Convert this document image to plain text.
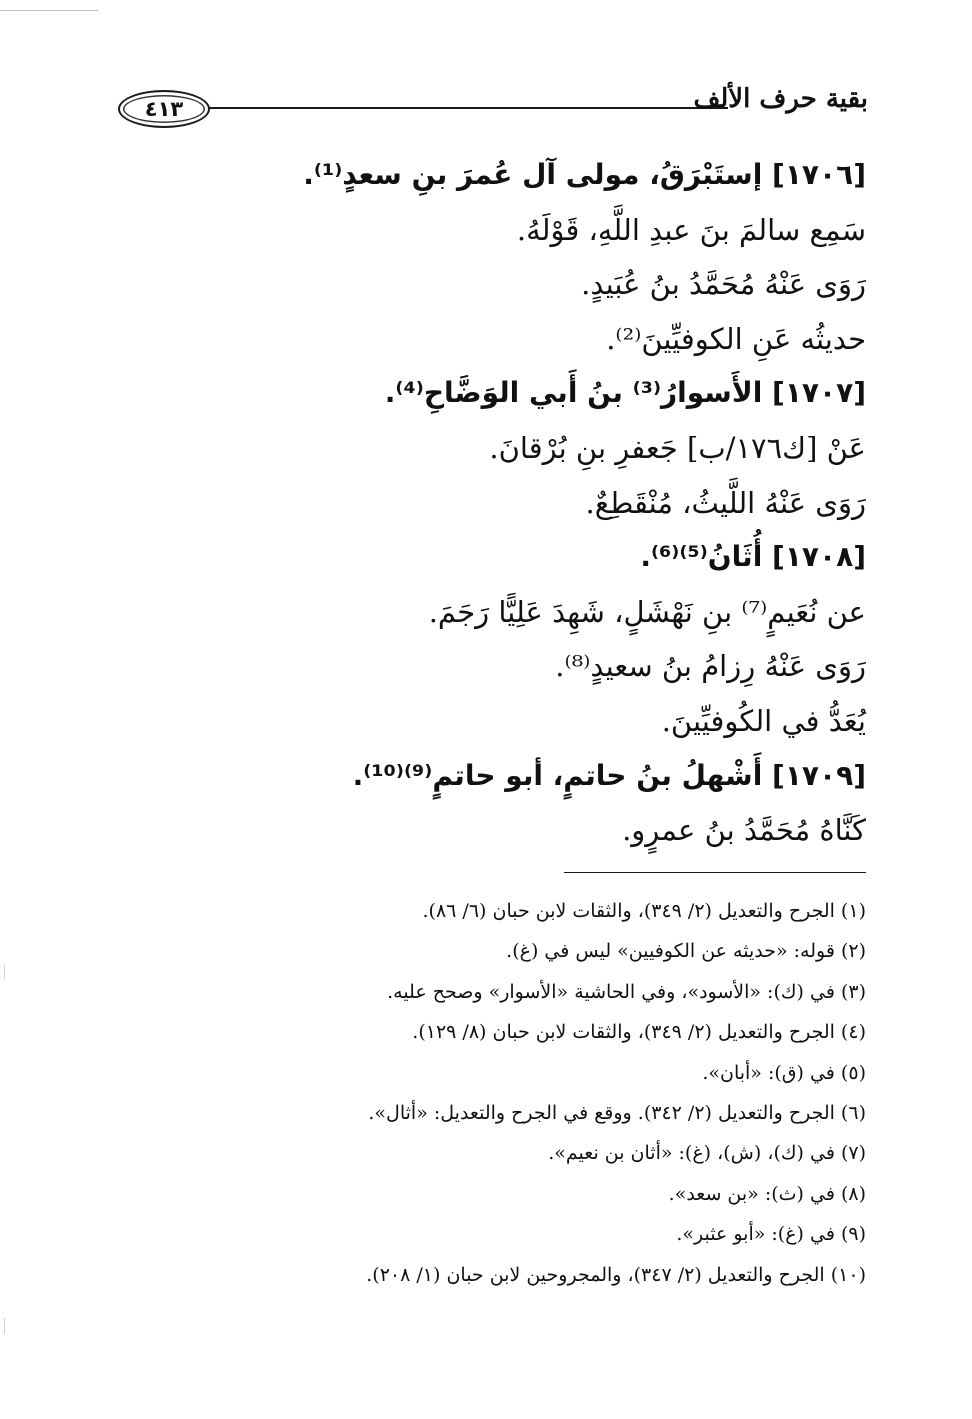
٤١٣	بقية حرف الألف
[١٧٠٦] إستَبْرَقُ، مولى آل عُمرَ بنِ سعدٍ⁽¹⁾.
سَمِع سالمَ بنَ عبدِ اللَّهِ، قَوْلَهُ.
رَوَى عَنْهُ مُحَمَّدُ بنُ عُبَيدٍ.
حديثُه عَنِ الكوفيِّينَ⁽²⁾.
[١٧٠٧] الأَسوارُ⁽³⁾ بنُ أَبي الوَضَّاحِ⁽⁴⁾.
عَنْ [ك١٧٦/ب] جَعفرِ بنِ بُرْقانَ.
رَوَى عَنْهُ اللَّيثُ، مُنْقَطِعٌ.
[١٧٠٨] أُثَانُ⁽⁵⁾⁽⁶⁾.
عن نُعَيمٍ⁽⁷⁾ بنِ نَهْشَلٍ، شَهِدَ عَلِيًّا رَجَمَ.
رَوَى عَنْهُ رِزامُ بنُ سعيدٍ⁽⁸⁾.
يُعَدُّ في الكُوفيِّينَ.
[١٧٠٩] أَشْهلُ بنُ حاتمٍ، أبو حاتمٍ⁽⁹⁾⁽¹⁰⁾.
كَنَّاهُ مُحَمَّدُ بنُ عمرٍو.
(١) الجرح والتعديل (٢/ ٣٤٩)، والثقات لابن حبان (٦/ ٨٦).
(٢) قوله: «حديثه عن الكوفيين» ليس في (غ).
(٣) في (ك): «الأسود»، وفي الحاشية «الأسوار» وصحح عليه.
(٤) الجرح والتعديل (٢/ ٣٤٩)، والثقات لابن حبان (٨/ ١٢٩).
(٥) في (ق): «أبان».
(٦) الجرح والتعديل (٢/ ٣٤٢). ووقع في الجرح والتعديل: «أثال».
(٧) في (ك)، (ش)، (غ): «أثان بن نعيم».
(٨) في (ث): «بن سعد».
(٩) في (غ): «أبو عثبر».
(١٠) الجرح والتعديل (٢/ ٣٤٧)، والمجروحين لابن حبان (١/ ٢٠٨).
